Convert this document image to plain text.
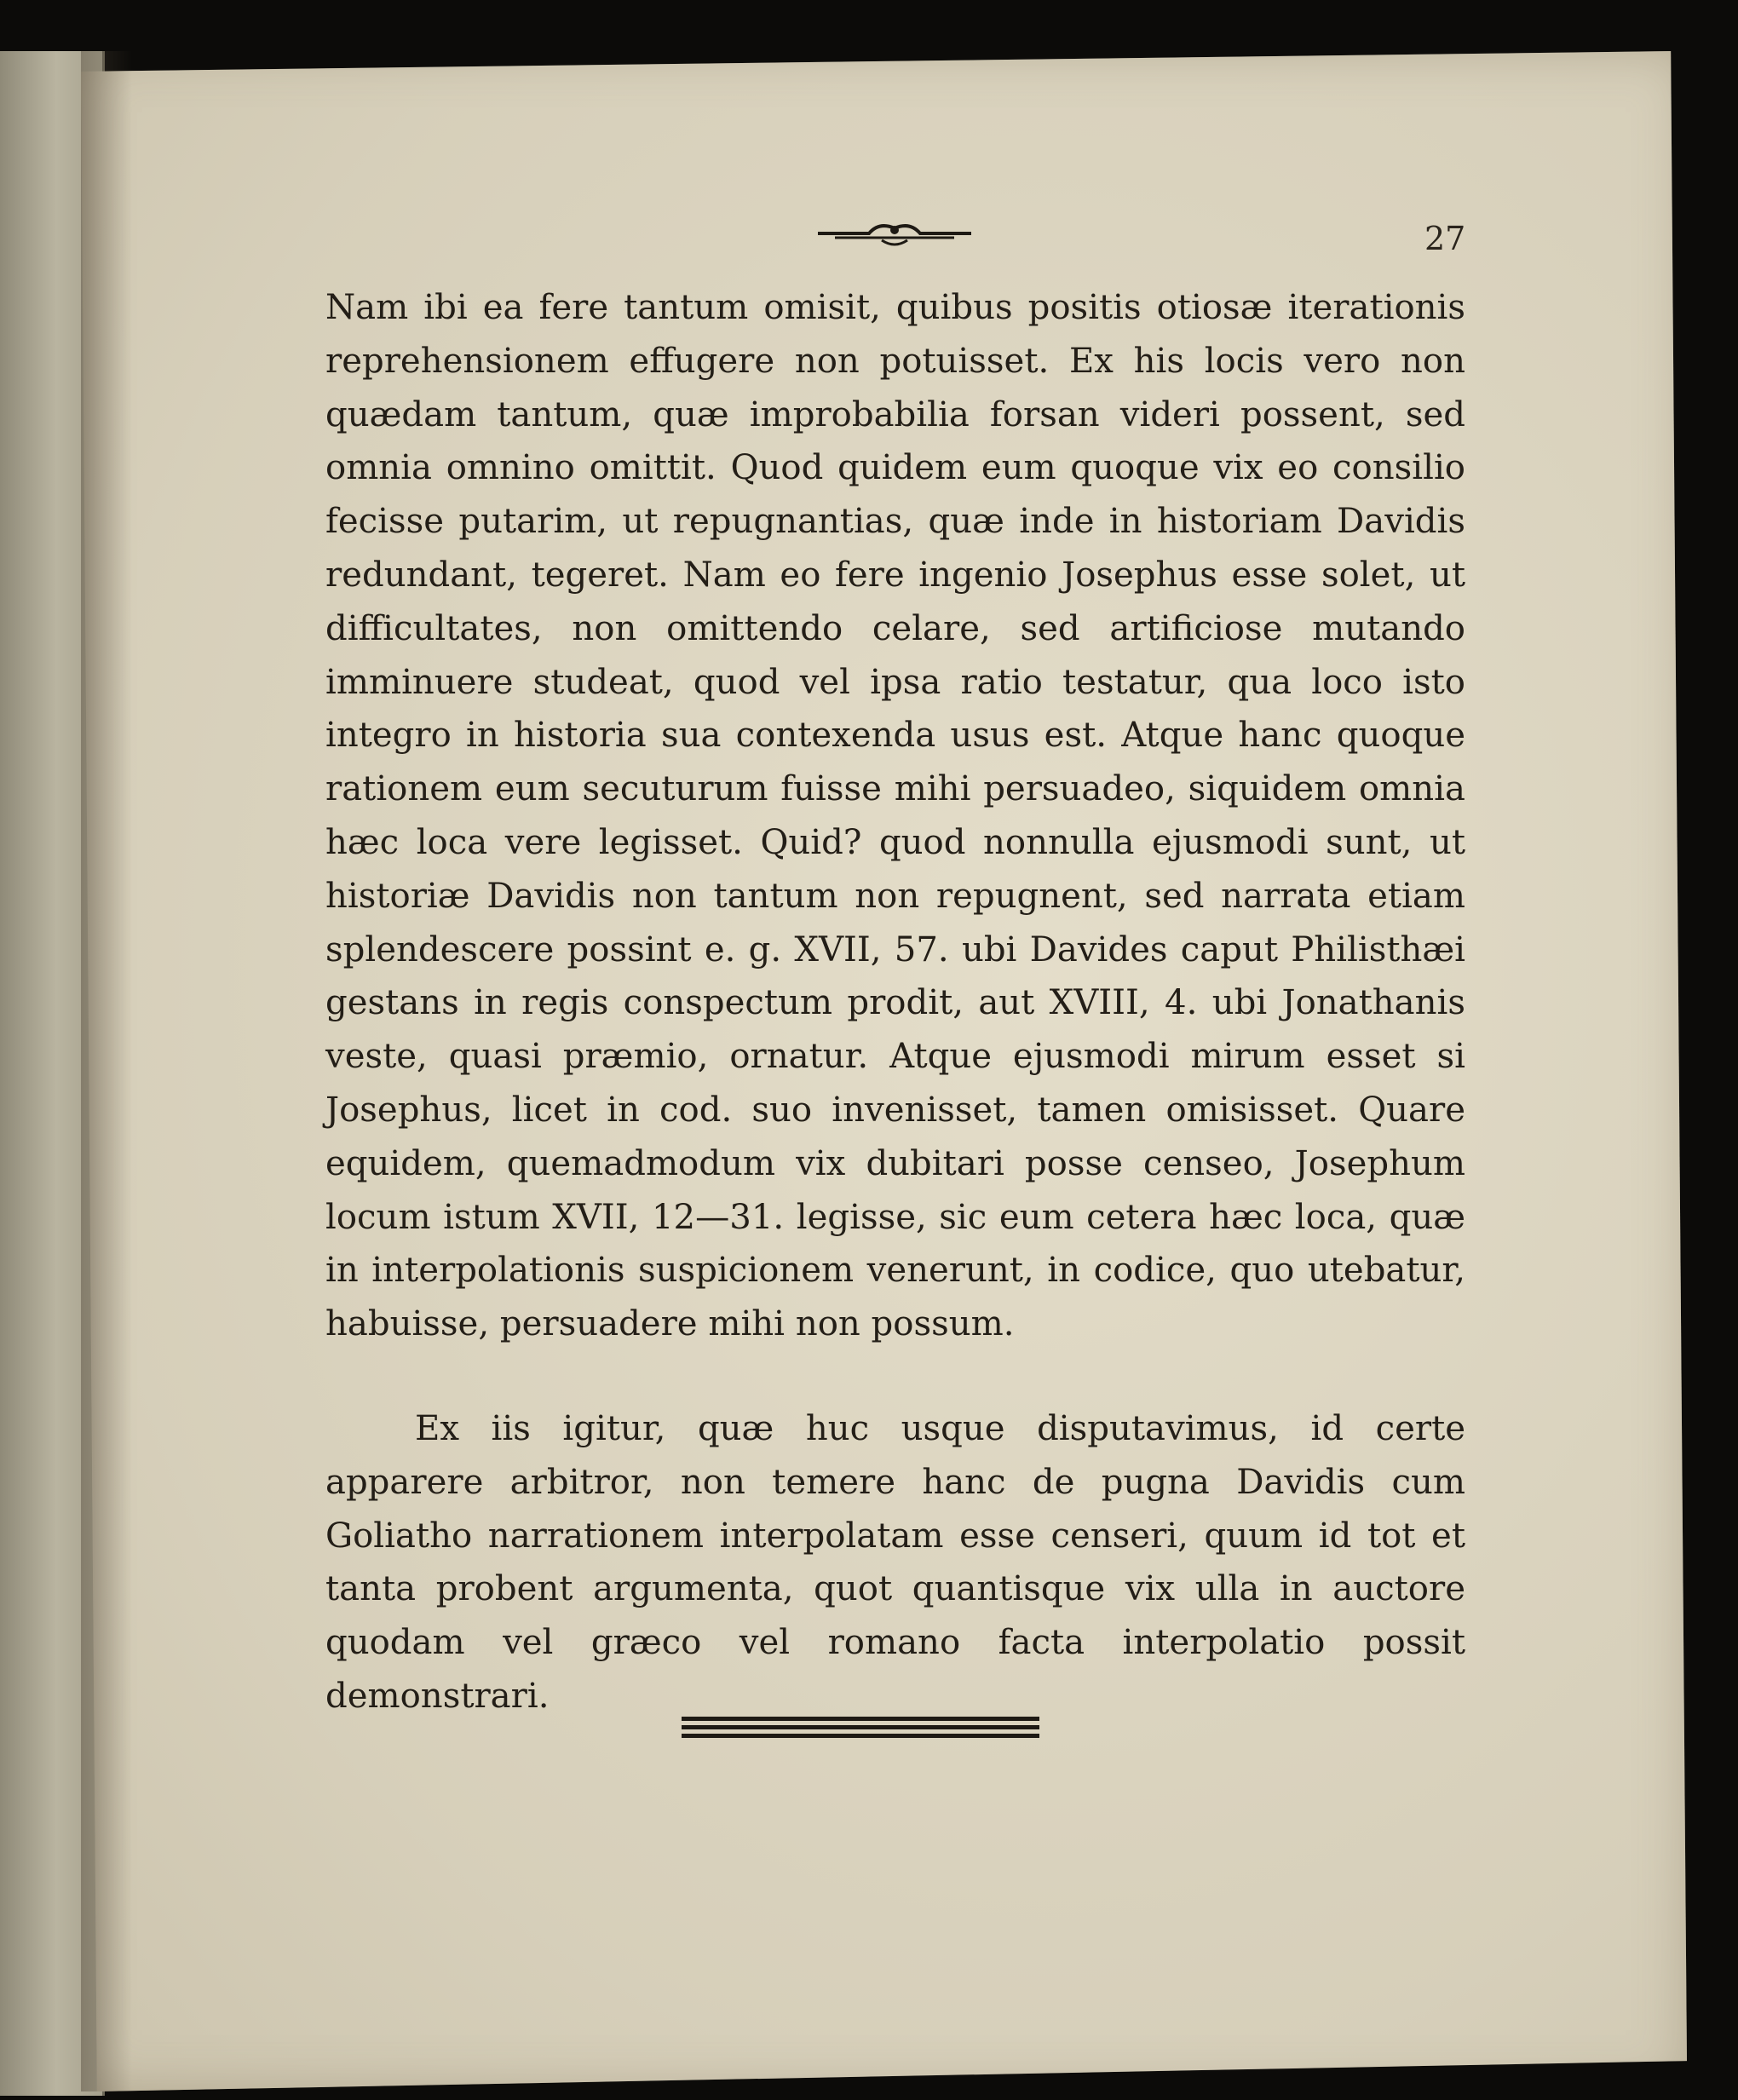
27

Nam ibi ea fere tantum omisit, quibus positis otiosæ iterationis reprehensionem effugere non potuisset. Ex his locis vero non quædam tantum, quæ improbabilia forsan videri possent, sed omnia omnino omittit. Quod quidem eum quoque vix eo consilio fecisse putarim, ut repugnantias, quæ inde in historiam Davidis redundant, tegeret. Nam eo fere ingenio Josephus esse solet, ut difficultates, non omittendo celare, sed artificiose mutando imminuere studeat, quod vel ipsa ratio testatur, qua loco isto integro in historia sua contexenda usus est. Atque hanc quoque rationem eum secuturum fuisse mihi persuadeo, siquidem omnia hæc loca vere legisset. Quid? quod nonnulla ejusmodi sunt, ut historiæ Davidis non tantum non repugnent, sed narrata etiam splendescere possint e. g. XVII, 57. ubi Davides caput Philisthæi gestans in regis conspectum prodit, aut XVIII, 4. ubi Jonathanis veste, quasi præmio, ornatur. Atque ejusmodi mirum esset si Josephus, licet in cod. suo invenisset, tamen omisisset. Quare equidem, quemadmodum vix dubitari posse censeo, Josephum locum istum XVII, 12—31. legisse, sic eum cetera hæc loca, quæ in interpolationis suspicionem venerunt, in codice, quo utebatur, habuisse, persuadere mihi non possum.

Ex iis igitur, quæ huc usque disputavimus, id certe apparere arbitror, non temere hanc de pugna Davidis cum Goliatho narrationem interpolatam esse censeri, quum id tot et tanta probent argumenta, quot quantisque vix ulla in auctore quodam vel græco vel romano facta interpolatio possit demonstrari.
